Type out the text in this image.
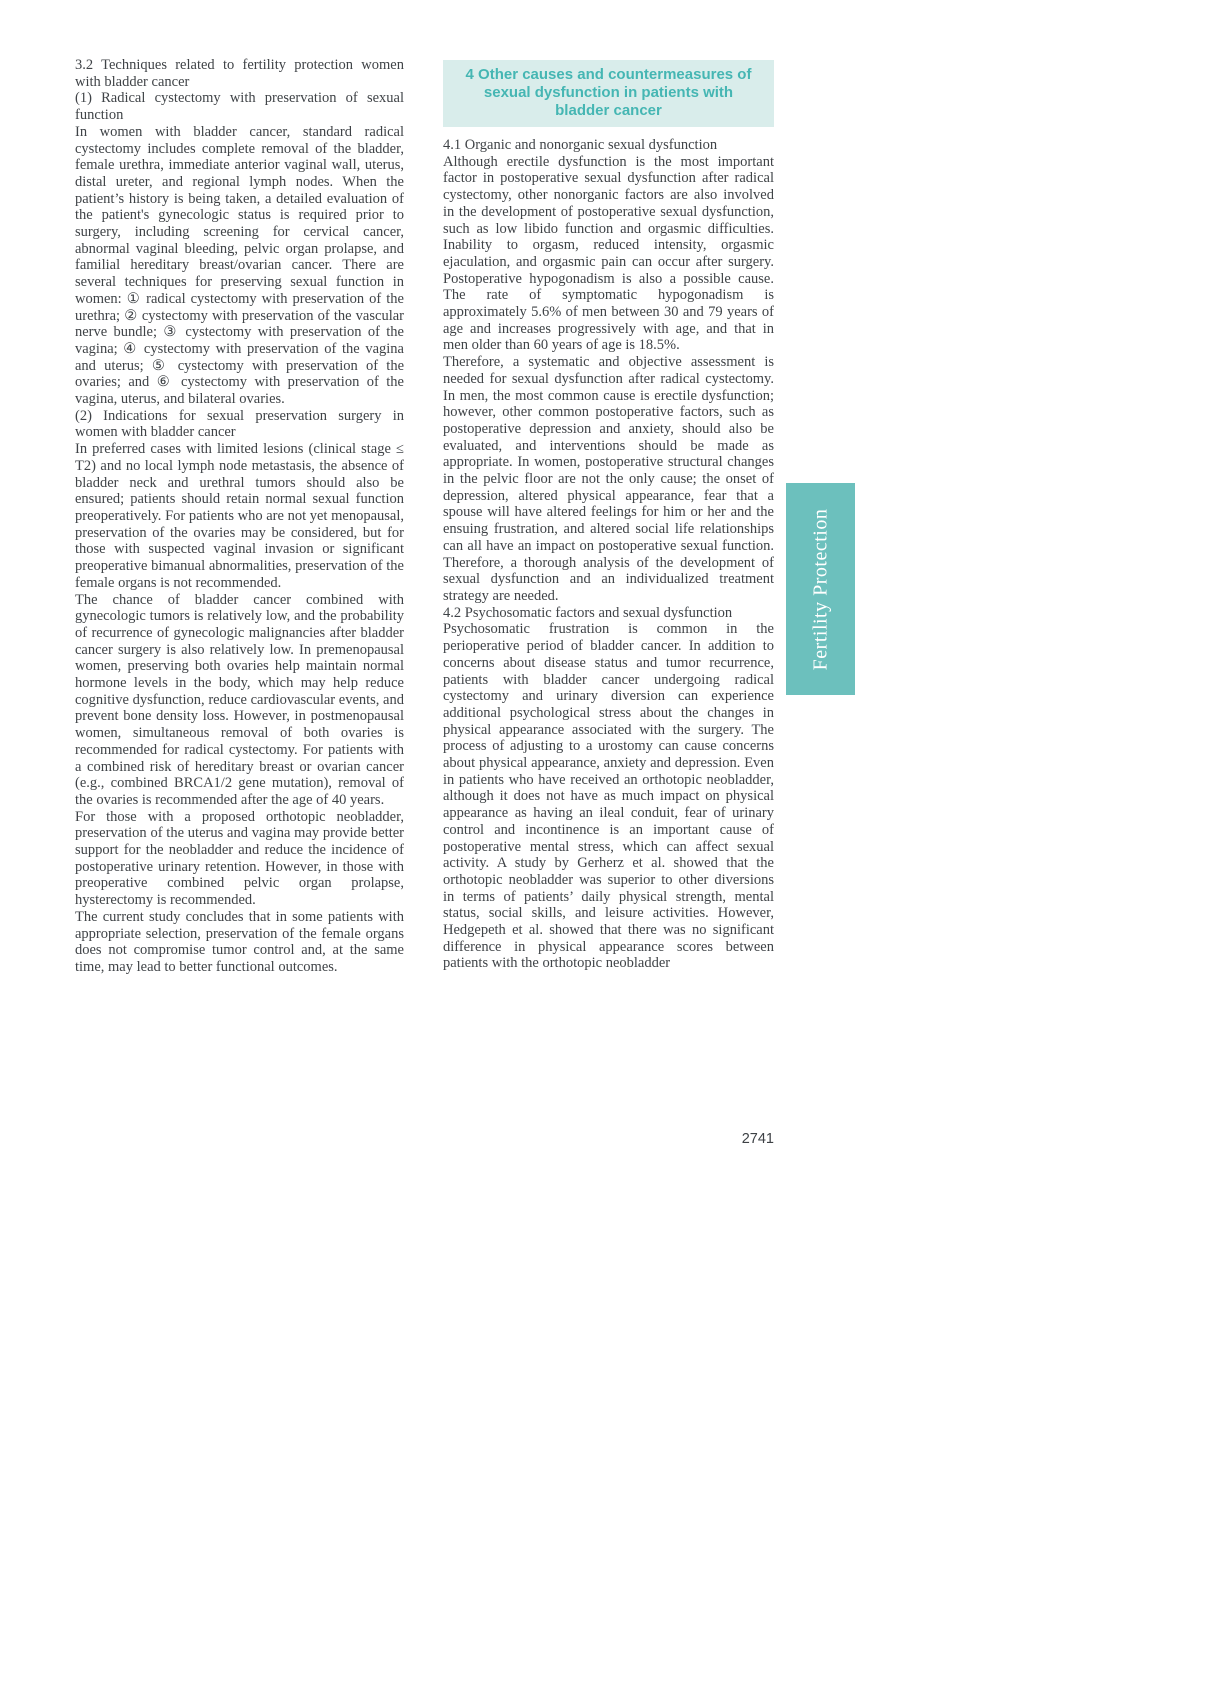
3.2 Techniques related to fertility protection women with bladder cancer

(1) Radical cystectomy with preservation of sexual function

In women with bladder cancer, standard radical cystectomy includes complete removal of the bladder, female urethra, immediate anterior vaginal wall, uterus, distal ureter, and regional lymph nodes. When the patient’s history is being taken, a detailed evaluation of the patient's gynecologic status is required prior to surgery, including screening for cervical cancer, abnormal vaginal bleeding, pelvic organ prolapse, and familial hereditary breast/ovarian cancer. There are several techniques for preserving sexual function in women: ① radical cystectomy with preservation of the urethra; ② cystectomy with preservation of the vascular nerve bundle; ③ cystectomy with preservation of the vagina; ④ cystectomy with preservation of the vagina and uterus; ⑤ cystectomy with preservation of the ovaries; and ⑥ cystectomy with preservation of the vagina, uterus, and bilateral ovaries.

(2) Indications for sexual preservation surgery in women with bladder cancer

In preferred cases with limited lesions (clinical stage ≤ T2) and no local lymph node metastasis, the absence of bladder neck and urethral tumors should also be ensured; patients should retain normal sexual function preoperatively. For patients who are not yet menopausal, preservation of the ovaries may be considered, but for those with suspected vaginal invasion or significant preoperative bimanual abnormalities, preservation of the female organs is not recommended.

The chance of bladder cancer combined with gynecologic tumors is relatively low, and the probability of recurrence of gynecologic malignancies after bladder cancer surgery is also relatively low. In premenopausal women, preserving both ovaries help maintain normal hormone levels in the body, which may help reduce cognitive dysfunction, reduce cardiovascular events, and prevent bone density loss. However, in postmenopausal women, simultaneous removal of both ovaries is recommended for radical cystectomy. For patients with a combined risk of hereditary breast or ovarian cancer (e.g., combined BRCA1/2 gene mutation), removal of the ovaries is recommended after the age of 40 years.

For those with a proposed orthotopic neobladder, preservation of the uterus and vagina may provide better support for the neobladder and reduce the incidence of postoperative urinary retention. However, in those with preoperative combined pelvic organ prolapse, hysterectomy is recommended.

The current study concludes that in some patients with appropriate selection, preservation of the female organs does not compromise tumor control and, at the same time, may lead to better functional outcomes.

4 Other causes and countermeasures of sexual dysfunction in patients with bladder cancer

4.1 Organic and nonorganic sexual dysfunction

Although erectile dysfunction is the most important factor in postoperative sexual dysfunction after radical cystectomy, other nonorganic factors are also involved in the development of postoperative sexual dysfunction, such as low libido function and orgasmic difficulties. Inability to orgasm, reduced intensity, orgasmic ejaculation, and orgasmic pain can occur after surgery. Postoperative hypogonadism is also a possible cause. The rate of symptomatic hypogonadism is approximately 5.6% of men between 30 and 79 years of age and increases progressively with age, and that in men older than 60 years of age is 18.5%.

Therefore, a systematic and objective assessment is needed for sexual dysfunction after radical cystectomy. In men, the most common cause is erectile dysfunction; however, other common postoperative factors, such as postoperative depression and anxiety, should also be evaluated, and interventions should be made as appropriate. In women, postoperative structural changes in the pelvic floor are not the only cause; the onset of depression, altered physical appearance, fear that a spouse will have altered feelings for him or her and the ensuing frustration, and altered social life relationships can all have an impact on postoperative sexual function. Therefore, a thorough analysis of the development of sexual dysfunction and an individualized treatment strategy are needed.

4.2 Psychosomatic factors and sexual dysfunction

Psychosomatic frustration is common in the perioperative period of bladder cancer. In addition to concerns about disease status and tumor recurrence, patients with bladder cancer undergoing radical cystectomy and urinary diversion can experience additional psychological stress about the changes in physical appearance associated with the surgery. The process of adjusting to a urostomy can cause concerns about physical appearance, anxiety and depression. Even in patients who have received an orthotopic neobladder, although it does not have as much impact on physical appearance as having an ileal conduit, fear of urinary control and incontinence is an important cause of postoperative mental stress, which can affect sexual activity. A study by Gerherz et al. showed that the orthotopic neobladder was superior to other diversions in terms of patients’ daily physical strength, mental status, social skills, and leisure activities. However, Hedgepeth et al. showed that there was no significant difference in physical appearance scores between patients with the orthotopic neobladder

Fertility Protection
2741
